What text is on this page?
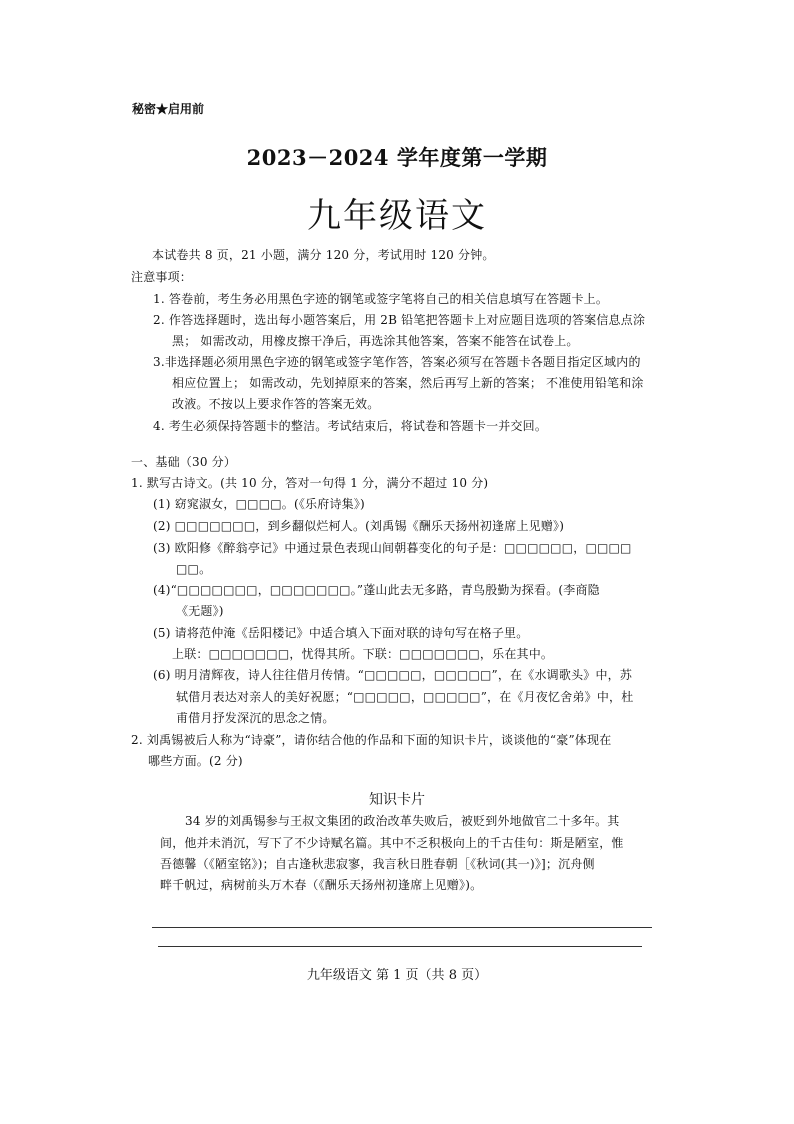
秘密★启用前
2023－2024 学年度第一学期
九年级语文
本试卷共 8 页，21 小题，满分 120 分，考试用时 120 分钟。
注意事项：
1. 答卷前，考生务必用黑色字迹的钢笔或签字笔将自己的相关信息填写在答题卡上。
2. 作答选择题时，选出每小题答案后，用 2B 铅笔把答题卡上对应题目选项的答案信息点涂
黑； 如需改动，用橡皮擦干净后，再选涂其他答案，答案不能答在试卷上。
3.非选择题必须用黑色字迹的钢笔或签字笔作答，答案必须写在答题卡各题目指定区域内的
相应位置上； 如需改动，先划掉原来的答案，然后再写上新的答案； 不准使用铅笔和涂
改液。不按以上要求作答的答案无效。
4. 考生必须保持答题卡的整洁。考试结束后，将试卷和答题卡一并交回。
一、基础（30 分）
1. 默写古诗文。(共 10 分，答对一句得 1 分，满分不超过 10 分)
(1) 窈窕淑女，□□□□。(《乐府诗集》)
(2) □□□□□□□，到乡翻似烂柯人。(刘禹锡《酬乐天扬州初逢席上见赠》)
(3) 欧阳修《醉翁亭记》中通过景色表现山间朝暮变化的句子是：□□□□□□，□□□□
□□。
(4)“□□□□□□□，□□□□□□□。”蓬山此去无多路，青鸟殷勤为探看。(李商隐
《无题》)
(5) 请将范仲淹《岳阳楼记》中适合填入下面对联的诗句写在格子里。
上联：□□□□□□□，忧得其所。下联：□□□□□□□，乐在其中。
(6) 明月清辉夜，诗人往往借月传情。“□□□□□，□□□□□”，在《水调歌头》中，苏
轼借月表达对亲人的美好祝愿；“□□□□□，□□□□□”，在《月夜忆舍弟》中，杜
甫借月抒发深沉的思念之情。
2. 刘禹锡被后人称为“诗豪”，请你结合他的作品和下面的知识卡片，谈谈他的“豪”体现在
哪些方面。(2 分)
知识卡片
34 岁的刘禹锡参与王叔文集团的政治改革失败后，被贬到外地做官二十多年。其
间，他并未消沉，写下了不少诗赋名篇。其中不乏积极向上的千古佳句：斯是陋室，惟
吾德馨（《陋室铭》)；自古逢秋悲寂寥，我言秋日胜春朝［《秋词(其一)》]；沉舟侧
畔千帆过，病树前头万木春（《酬乐天扬州初逢席上见赠》)。
九年级语文 第 1 页（共 8 页）
